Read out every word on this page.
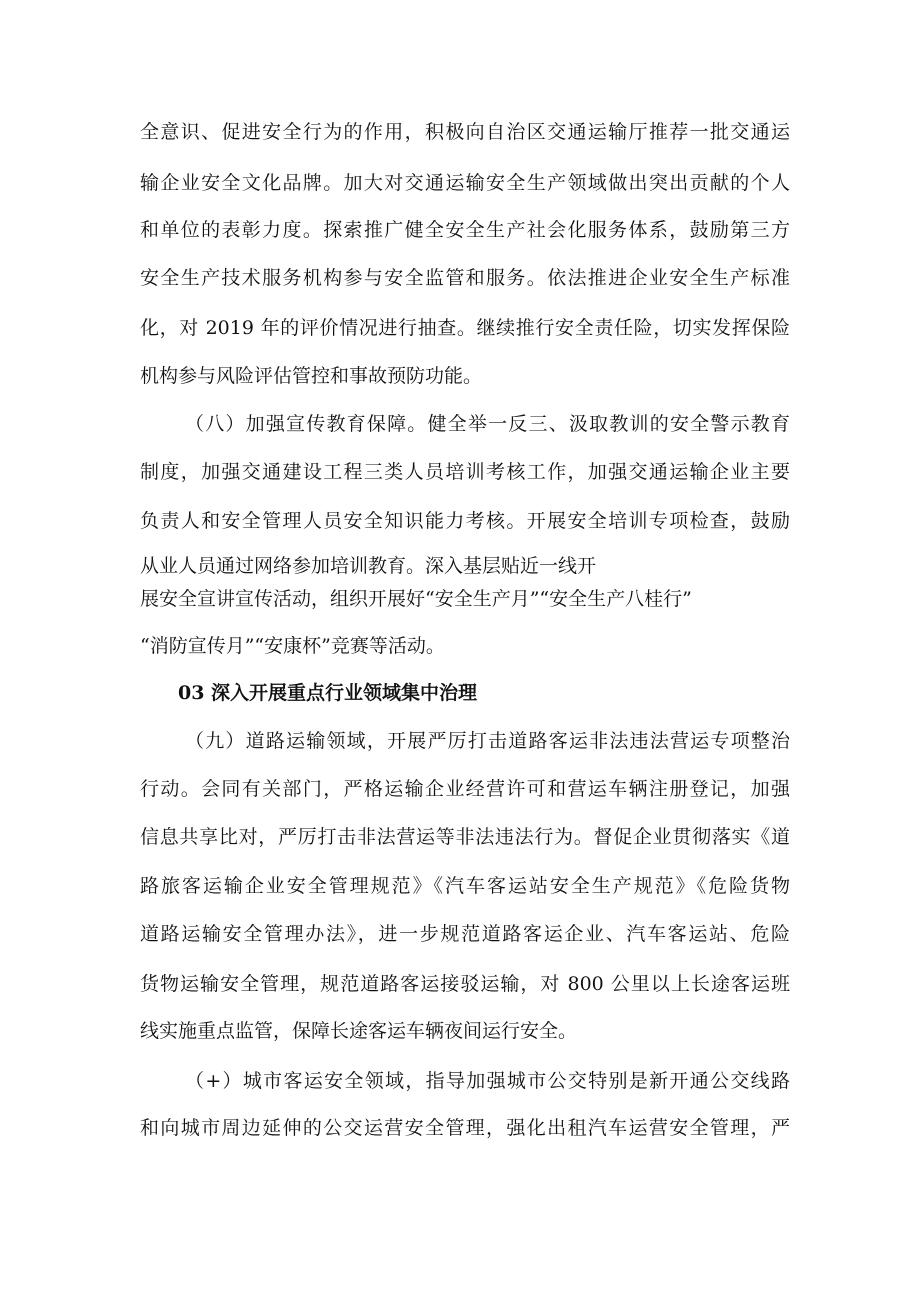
全意识、促进安全行为的作用，积极向自治区交通运输厅推荐一批交通运
输企业安全文化品牌。加大对交通运输安全生产领域做出突出贡献的个人
和单位的表彰力度。探索推广健全安全生产社会化服务体系，鼓励第三方
安全生产技术服务机构参与安全监管和服务。依法推进企业安全生产标准
化，对 2019 年的评价情况进行抽查。继续推行安全责任险，切实发挥保险
机构参与风险评估管控和事故预防功能。
（八）加强宣传教育保障。健全举一反三、汲取教训的安全警示教育
制度，加强交通建设工程三类人员培训考核工作，加强交通运输企业主要
负责人和安全管理人员安全知识能力考核。开展安全培训专项检查，鼓励
从业人员通过网络参加培训教育。深入基层贴近一线开
展安全宣讲宣传活动，组织开展好“安全生产月”“安全生产八桂行”
“消防宣传月”“安康杯”竞赛等活动。
03 深入开展重点行业领域集中治理
（九）道路运输领域，开展严厉打击道路客运非法违法营运专项整治
行动。会同有关部门，严格运输企业经营许可和营运车辆注册登记，加强
信息共享比对，严厉打击非法营运等非法违法行为。督促企业贯彻落实《道
路旅客运输企业安全管理规范》《汽车客运站安全生产规范》《危险货物
道路运输安全管理办法》，进一步规范道路客运企业、汽车客运站、危险
货物运输安全管理，规范道路客运接驳运输，对 800 公里以上长途客运班
线实施重点监管，保障长途客运车辆夜间运行安全。
（+）城市客运安全领域，指导加强城市公交特别是新开通公交线路
和向城市周边延伸的公交运营安全管理，强化出租汽车运营安全管理，严
